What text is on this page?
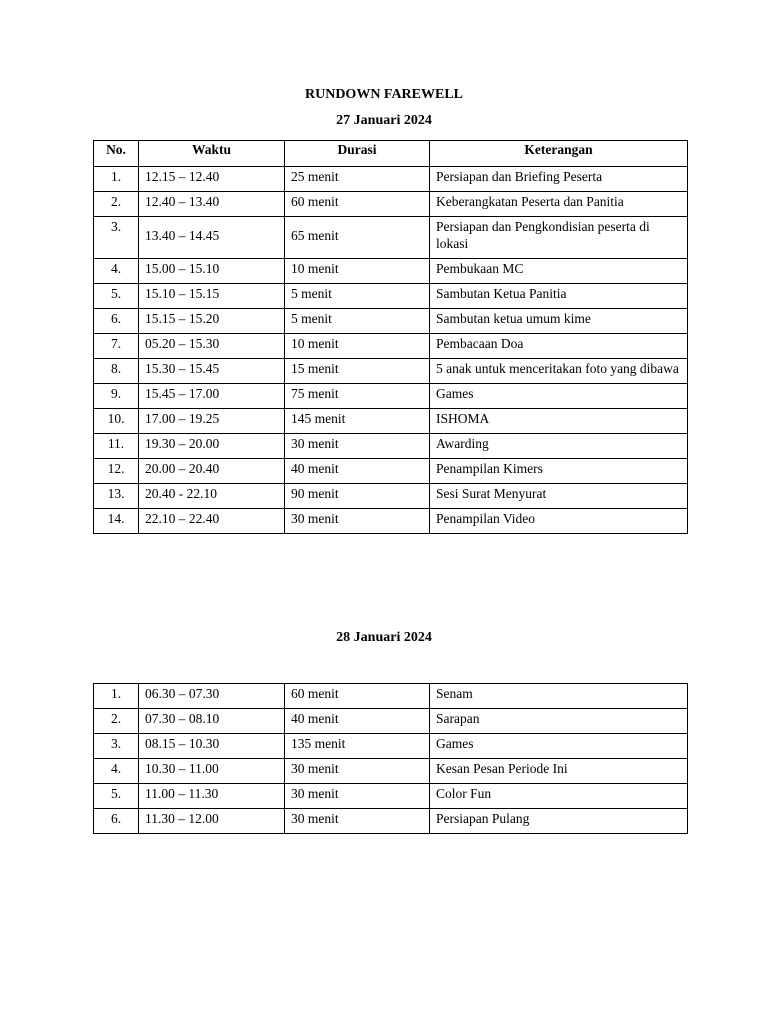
RUNDOWN FAREWELL
27 Januari 2024
No.	Waktu	Durasi	Keterangan
1.	12.15 – 12.40	25 menit	Persiapan dan Briefing Peserta
2.	12.40 – 13.40	60 menit	Keberangkatan Peserta dan Panitia
3.	13.40 – 14.45	65 menit	Persiapan dan Pengkondisian peserta di lokasi
4.	15.00 – 15.10	10 menit	Pembukaan MC
5.	15.10 – 15.15	5 menit	Sambutan Ketua Panitia
6.	15.15 – 15.20	5 menit	Sambutan ketua umum kime
7.	05.20 – 15.30	10 menit	Pembacaan Doa
8.	15.30 – 15.45	15 menit	5 anak untuk menceritakan foto yang dibawa
9.	15.45 – 17.00	75 menit	Games
10.	17.00 – 19.25	145 menit	ISHOMA
11.	19.30 – 20.00	30 menit	Awarding
12.	20.00 – 20.40	40 menit	Penampilan Kimers
13.	20.40 - 22.10	90 menit	Sesi Surat Menyurat
14.	22.10 – 22.40	30 menit	Penampilan Video
28 Januari 2024
1.	06.30 – 07.30	60 menit	Senam
2.	07.30 – 08.10	40 menit	Sarapan
3.	08.15 – 10.30	135 menit	Games
4.	10.30 – 11.00	30 menit	Kesan Pesan Periode Ini
5.	11.00 – 11.30	30 menit	Color Fun
6.	11.30 – 12.00	30 menit	Persiapan Pulang
